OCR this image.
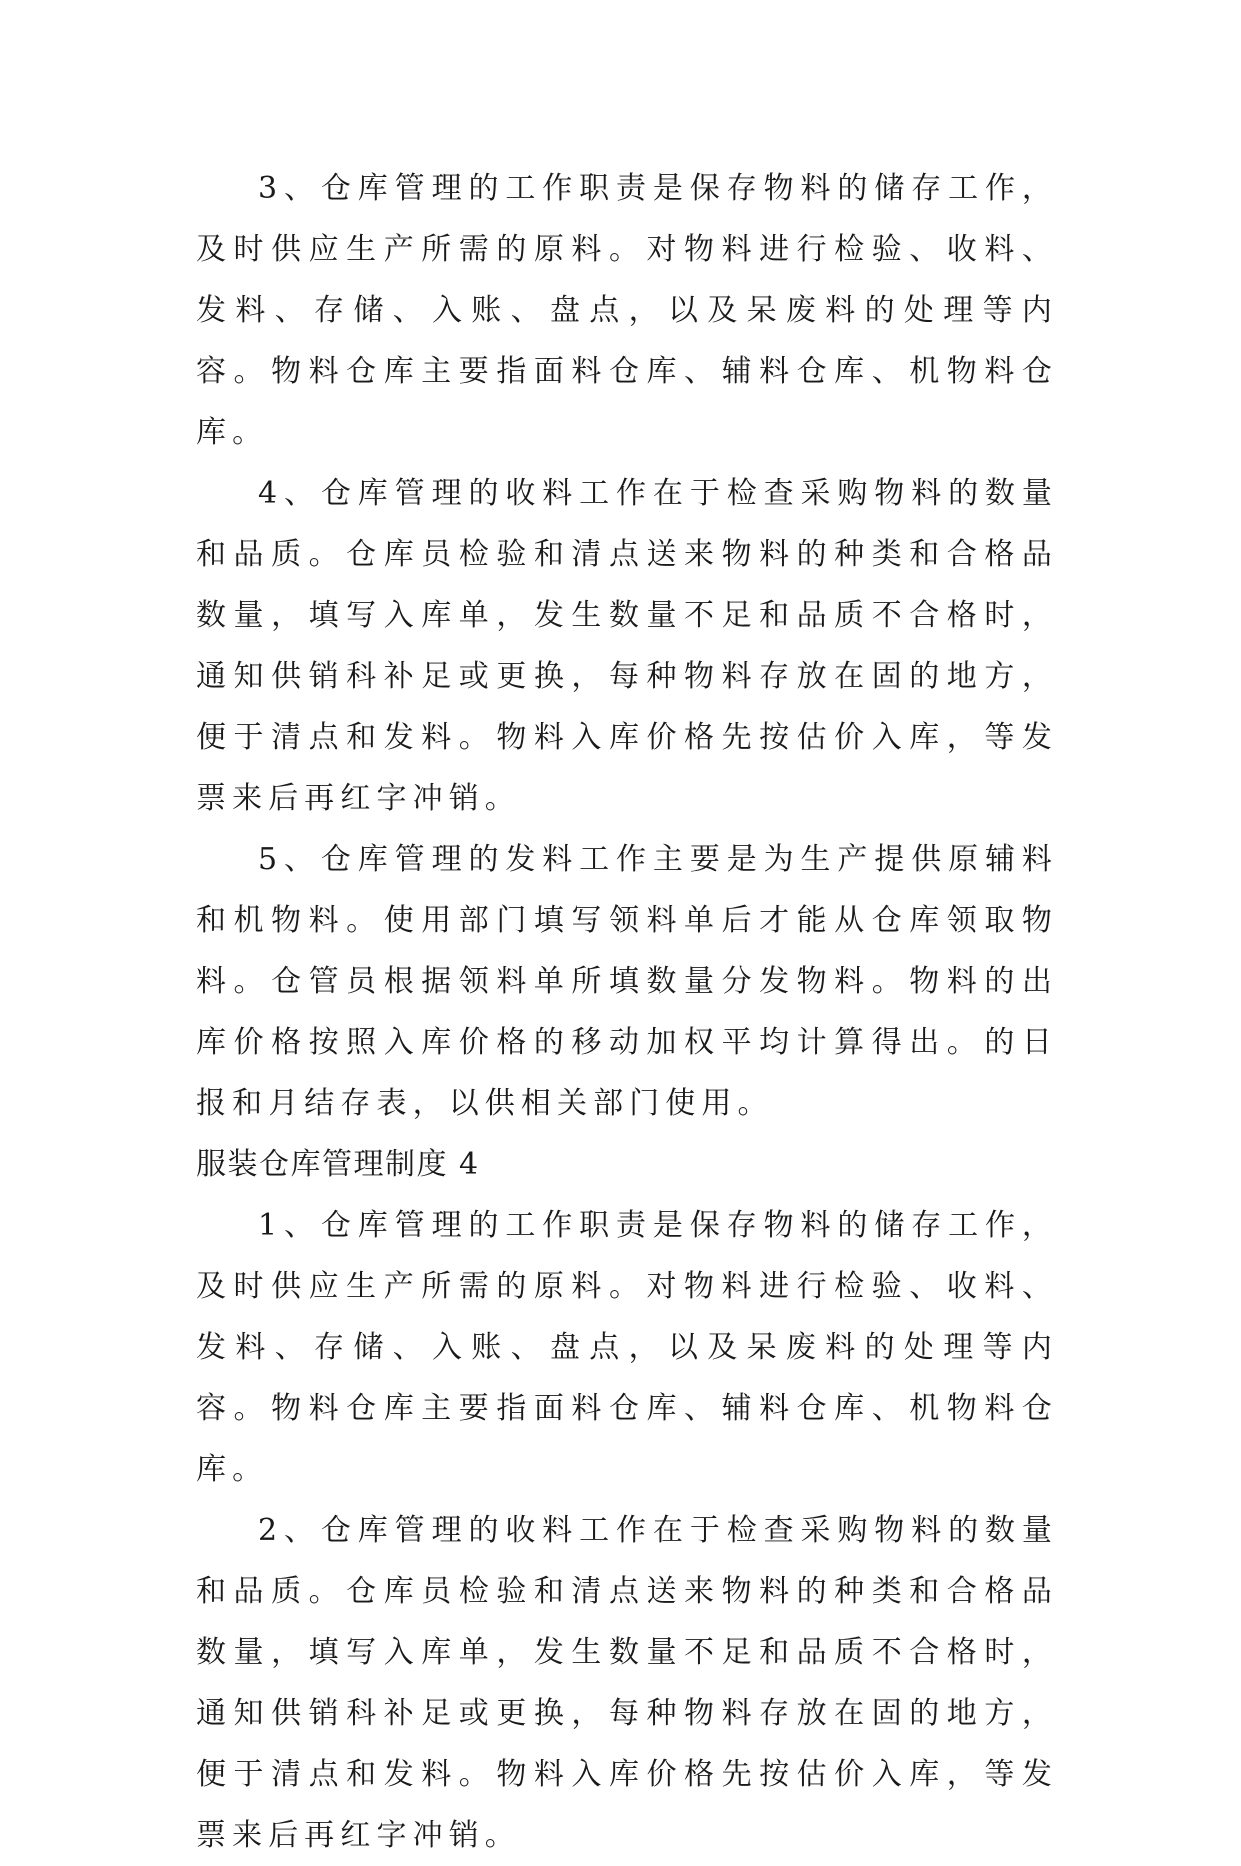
3、仓库管理的工作职责是保存物料的储存工作，及时供应生产所需的原料。对物料进行检验、收料、发料、存储、入账、盘点，以及呆废料的处理等内容。物料仓库主要指面料仓库、辅料仓库、机物料仓库。

4、仓库管理的收料工作在于检查采购物料的数量和品质。仓库员检验和清点送来物料的种类和合格品数量，填写入库单，发生数量不足和品质不合格时，通知供销科补足或更换，每种物料存放在固的地方，便于清点和发料。物料入库价格先按估价入库，等发票来后再红字冲销。

5、仓库管理的发料工作主要是为生产提供原辅料和机物料。使用部门填写领料单后才能从仓库领取物料。仓管员根据领料单所填数量分发物料。物料的出库价格按照入库价格的移动加权平均计算得出。的日报和月结存表，以供相关部门使用。

服装仓库管理制度 4

1、仓库管理的工作职责是保存物料的储存工作，及时供应生产所需的原料。对物料进行检验、收料、发料、存储、入账、盘点，以及呆废料的处理等内容。物料仓库主要指面料仓库、辅料仓库、机物料仓库。

2、仓库管理的收料工作在于检查采购物料的数量和品质。仓库员检验和清点送来物料的种类和合格品数量，填写入库单，发生数量不足和品质不合格时，通知供销科补足或更换，每种物料存放在固的地方，便于清点和发料。物料入库价格先按估价入库，等发票来后再红字冲销。
